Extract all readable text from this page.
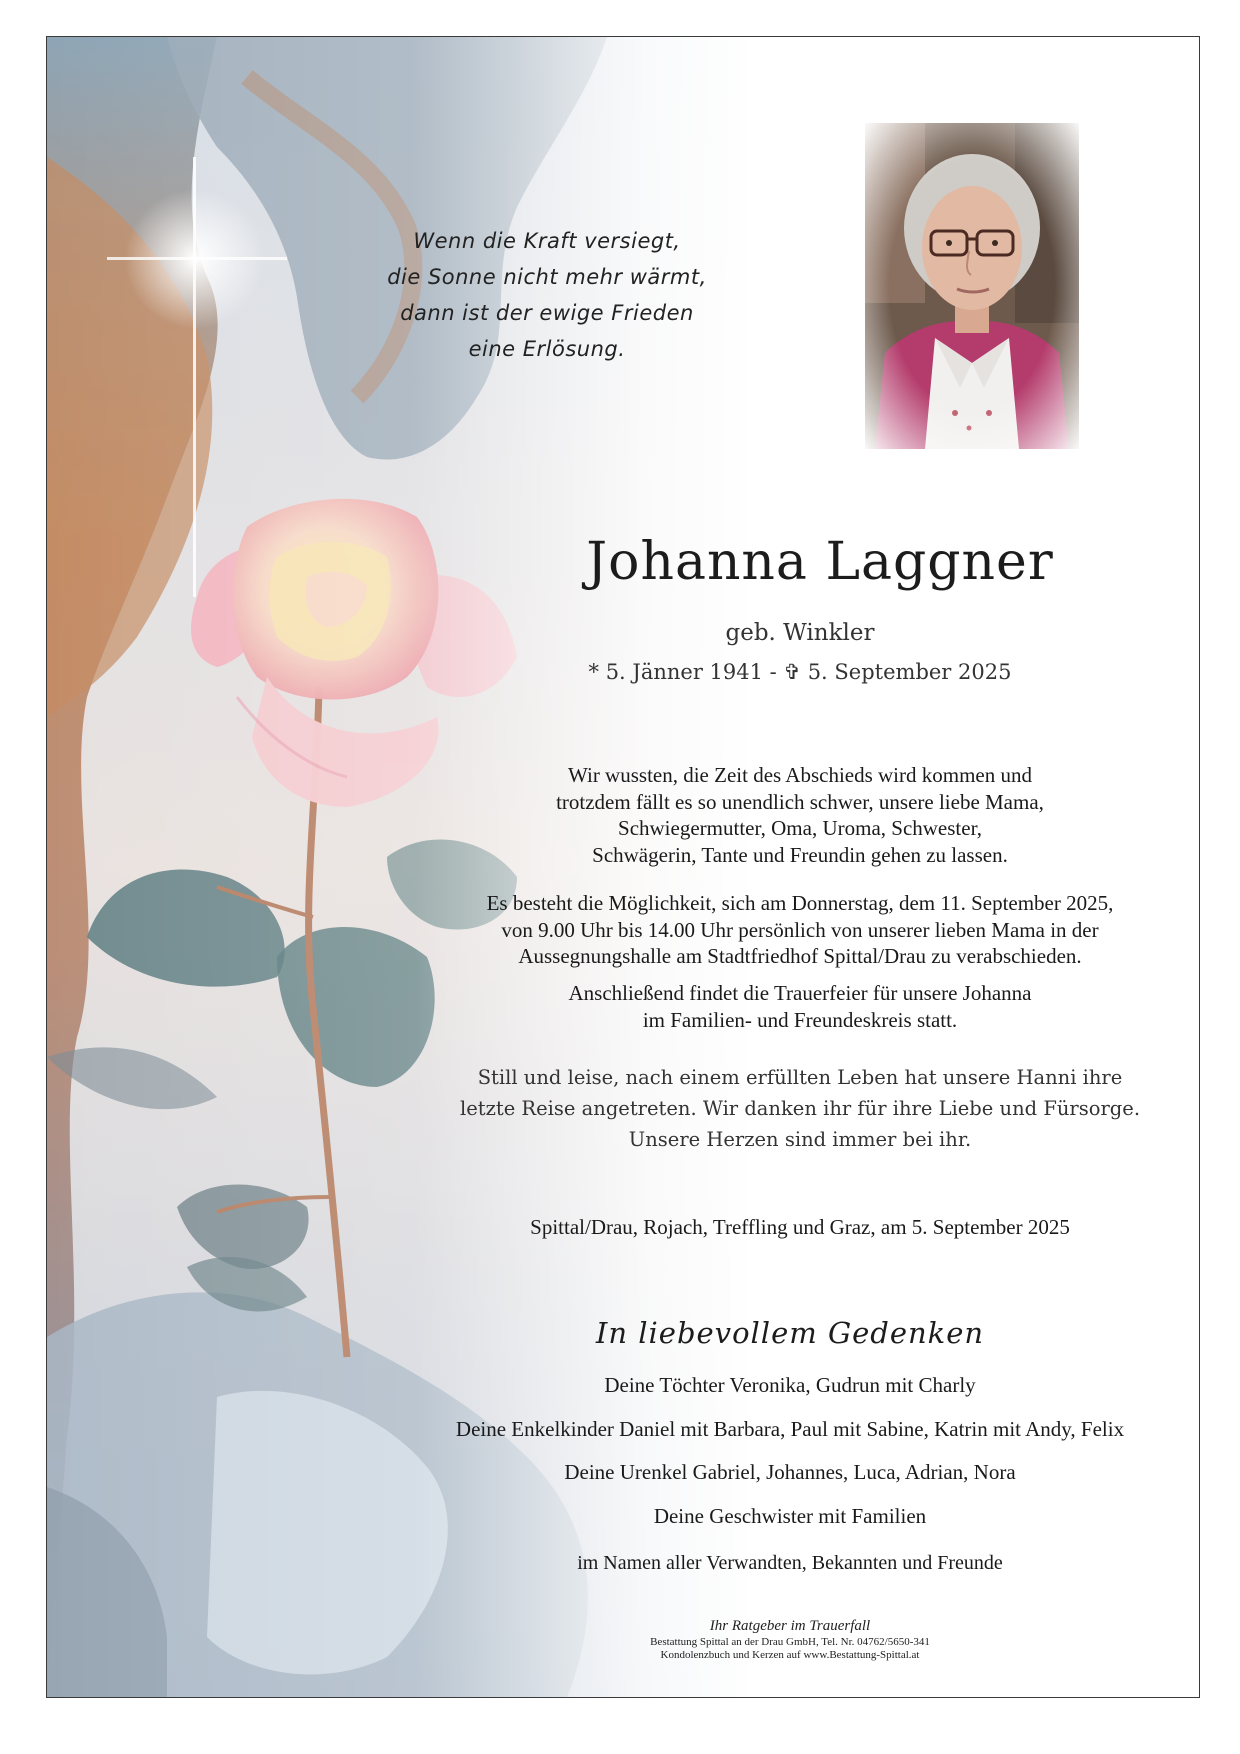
Wenn die Kraft versiegt,
die Sonne nicht mehr wärmt,
dann ist der ewige Frieden
eine Erlösung.
Johanna Laggner
geb. Winkler
* 5. Jänner 1941 - ✞ 5. September 2025
Wir wussten, die Zeit des Abschieds wird kommen und
trotzdem fällt es so unendlich schwer, unsere liebe Mama,
Schwiegermutter, Oma, Uroma, Schwester,
Schwägerin, Tante und Freundin gehen zu lassen.
Es besteht die Möglichkeit, sich am Donnerstag, dem 11. September 2025,
von 9.00 Uhr bis 14.00 Uhr persönlich von unserer lieben Mama in der
Aussegnungshalle am Stadtfriedhof Spittal/Drau zu verabschieden.
Anschließend findet die Trauerfeier für unsere Johanna
im Familien- und Freundeskreis statt.
Still und leise, nach einem erfüllten Leben hat unsere Hanni ihre
letzte Reise angetreten. Wir danken ihr für ihre Liebe und Fürsorge.
Unsere Herzen sind immer bei ihr.
Spittal/Drau, Rojach, Treffling und Graz, am 5. September 2025
In liebevollem Gedenken
Deine Töchter Veronika, Gudrun mit Charly
Deine Enkelkinder Daniel mit Barbara, Paul mit Sabine, Katrin mit Andy, Felix
Deine Urenkel Gabriel, Johannes, Luca, Adrian, Nora
Deine Geschwister mit Familien
im Namen aller Verwandten, Bekannten und Freunde
Ihr Ratgeber im Trauerfall
Bestattung Spittal an der Drau GmbH, Tel. Nr. 04762/5650-341
Kondolenzbuch und Kerzen auf www.Bestattung-Spittal.at
